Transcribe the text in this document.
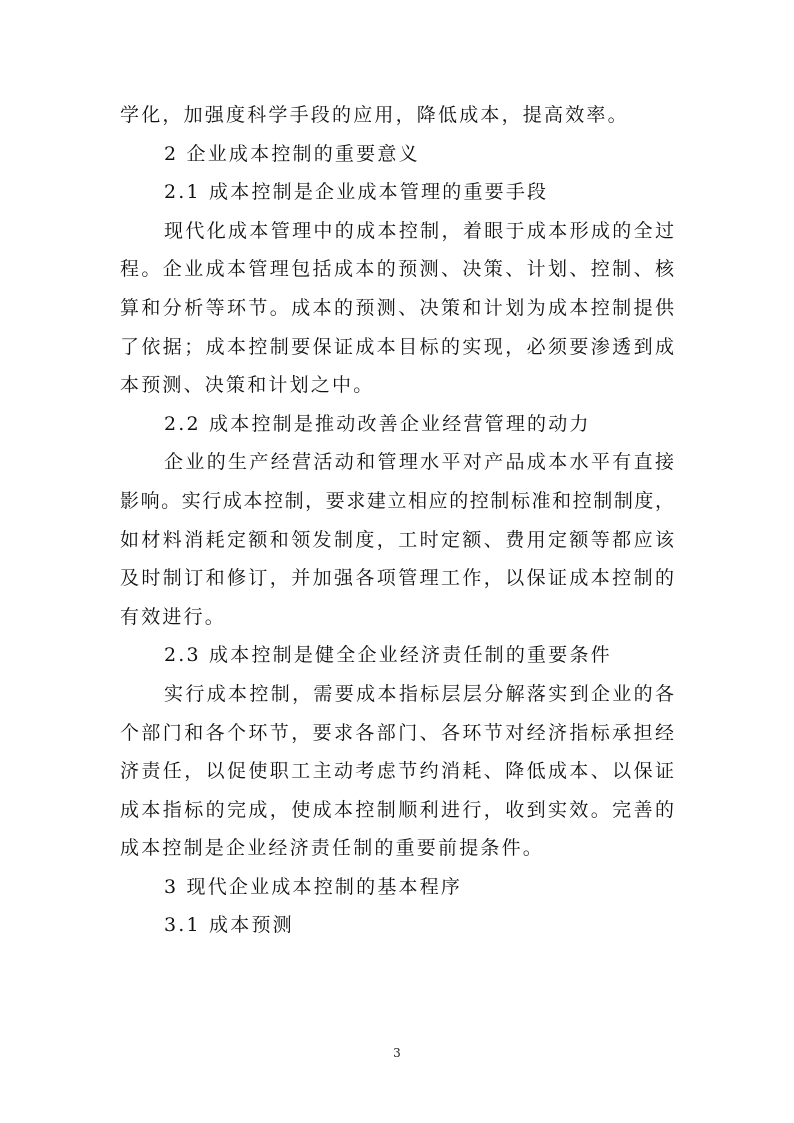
学化，加强度科学手段的应用，降低成本，提高效率。
2 企业成本控制的重要意义
2.1 成本控制是企业成本管理的重要手段
现代化成本管理中的成本控制，着眼于成本形成的全过
程。企业成本管理包括成本的预测、决策、计划、控制、核
算和分析等环节。成本的预测、决策和计划为成本控制提供
了依据；成本控制要保证成本目标的实现，必须要渗透到成
本预测、决策和计划之中。
2.2 成本控制是推动改善企业经营管理的动力
企业的生产经营活动和管理水平对产品成本水平有直接
影响。实行成本控制，要求建立相应的控制标准和控制制度，
如材料消耗定额和领发制度，工时定额、费用定额等都应该
及时制订和修订，并加强各项管理工作，以保证成本控制的
有效进行。
2.3 成本控制是健全企业经济责任制的重要条件
实行成本控制，需要成本指标层层分解落实到企业的各
个部门和各个环节，要求各部门、各环节对经济指标承担经
济责任，以促使职工主动考虑节约消耗、降低成本、以保证
成本指标的完成，使成本控制顺利进行，收到实效。完善的
成本控制是企业经济责任制的重要前提条件。
3 现代企业成本控制的基本程序
3.1 成本预测
3
